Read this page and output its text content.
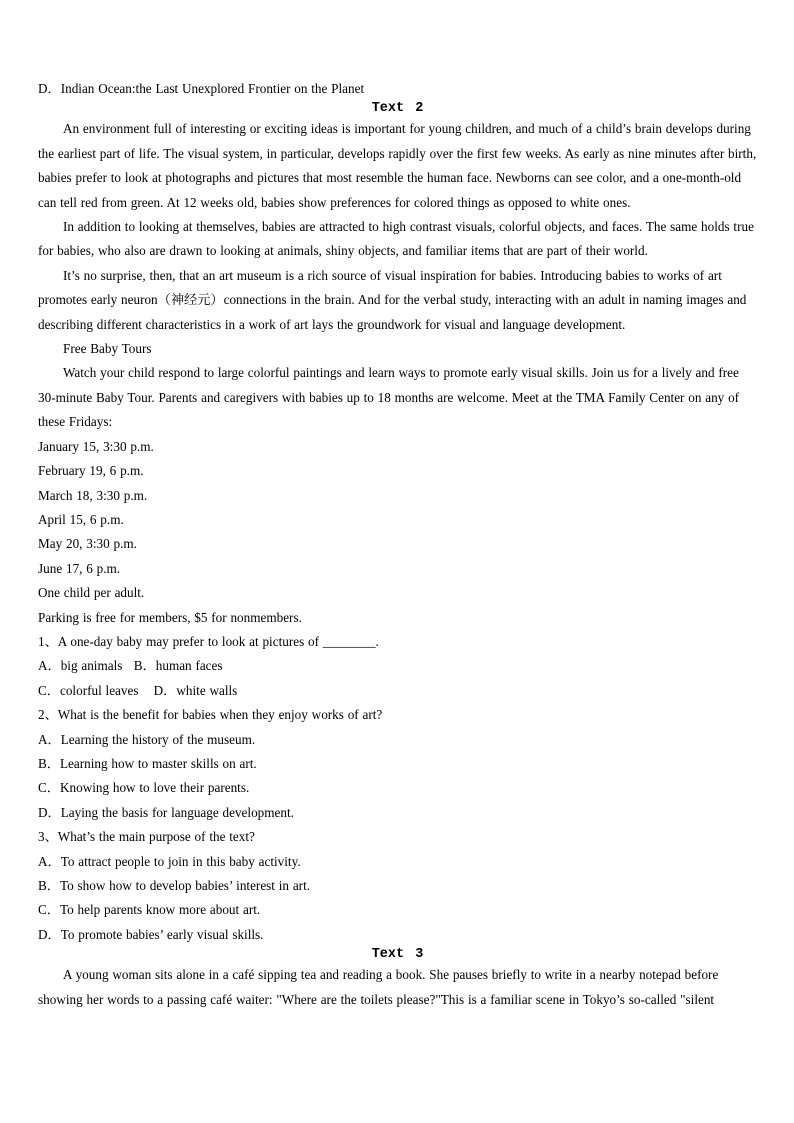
D．Indian Ocean:the Last Unexplored Frontier on the Planet
Text 2

An environment full of interesting or exciting ideas is important for young children, and much of a child’s brain develops during the earliest part of life. The visual system, in particular, develops rapidly over the first few weeks. As early as nine minutes after birth, babies prefer to look at photographs and pictures that most resemble the human face. Newborns can see color, and a one-month-old can tell red from green. At 12 weeks old, babies show preferences for colored things as opposed to white ones.

In addition to looking at themselves, babies are attracted to high contrast visuals, colorful objects, and faces. The same holds true for babies, who also are drawn to looking at animals, shiny objects, and familiar items that are part of their world.

It’s no surprise, then, that an art museum is a rich source of visual inspiration for babies. Introducing babies to works of art promotes early neuron（神经元）connections in the brain. And for the verbal study, interacting with an adult in naming images and describing different characteristics in a work of art lays the groundwork for visual and language development.

Free Baby Tours

Watch your child respond to large colorful paintings and learn ways to promote early visual skills. Join us for a lively and free 30-minute Baby Tour. Parents and caregivers with babies up to 18 months are welcome. Meet at the TMA Family Center on any of these Fridays:

January 15, 3:30 p.m.
February 19, 6 p.m.
March 18, 3:30 p.m.
April 15, 6 p.m.
May 20, 3:30 p.m.
June 17, 6 p.m.
One child per adult.
Parking is free for members, $5 for nonmembers.
1、A one-day baby may prefer to look at pictures of ________.
A．big animals   B．human faces
C．colorful leaves    D．white walls
2、What is the benefit for babies when they enjoy works of art?
A．Learning the history of the museum.
B．Learning how to master skills on art.
C．Knowing how to love their parents.
D．Laying the basis for language development.
3、What’s the main purpose of the text?
A．To attract people to join in this baby activity.
B．To show how to develop babies’ interest in art.
C．To help parents know more about art.
D．To promote babies’ early visual skills.
Text 3

A young woman sits alone in a café sipping tea and reading a book. She pauses briefly to write in a nearby notepad before showing her words to a passing café waiter: "Where are the toilets please?"This is a familiar scene in Tokyo’s so-called "silent
